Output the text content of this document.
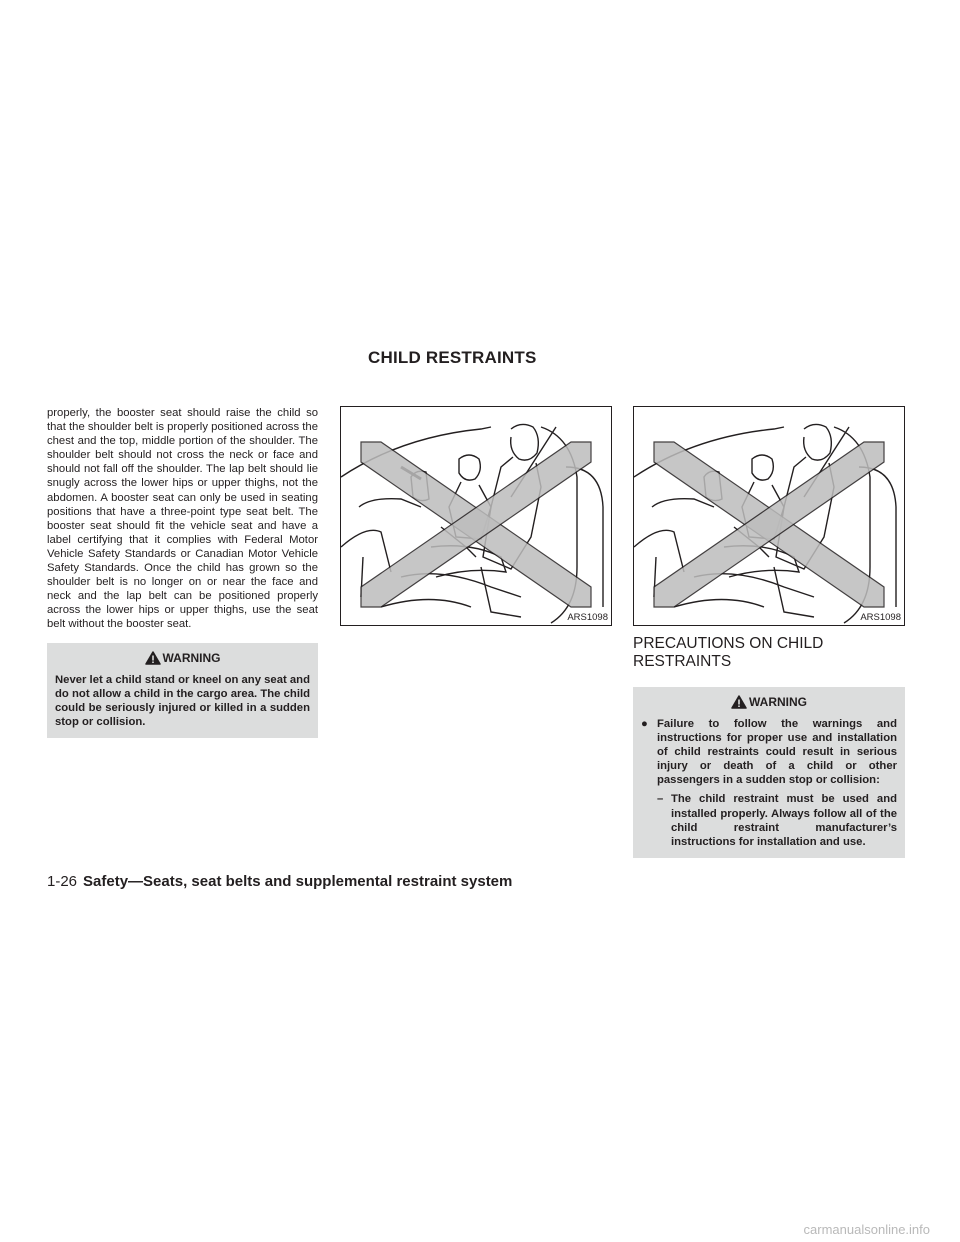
CHILD RESTRAINTS

properly, the booster seat should raise the child so that the shoulder belt is properly positioned across the chest and the top, middle portion of the shoulder. The shoulder belt should not cross the neck or face and should not fall off the shoulder. The lap belt should lie snugly across the lower hips or upper thighs, not the abdomen. A booster seat can only be used in seating positions that have a three-point type seat belt. The booster seat should fit the vehicle seat and have a label certifying that it complies with Federal Motor Vehicle Safety Standards or Canadian Motor Vehicle Safety Standards. Once the child has grown so the shoulder belt is no longer on or near the face and neck and the lap belt can be positioned properly across the lower hips or upper thighs, use the seat belt without the booster seat.

WARNING

Never let a child stand or kneel on any seat and do not allow a child in the cargo area. The child could be seriously injured or killed in a sudden stop or collision.

ARS1098	ARS1098
PRECAUTIONS ON CHILD RESTRAINTS
WARNING
● Failure to follow the warnings and instructions for proper use and installation of child restraints could result in serious injury or death of a child or other passengers in a sudden stop or collision:
– The child restraint must be used and installed properly. Always follow all of the child restraint manufacturer’s instructions for installation and use.
1-26 Safety—Seats, seat belts and supplemental restraint system
carmanualsonline.info
